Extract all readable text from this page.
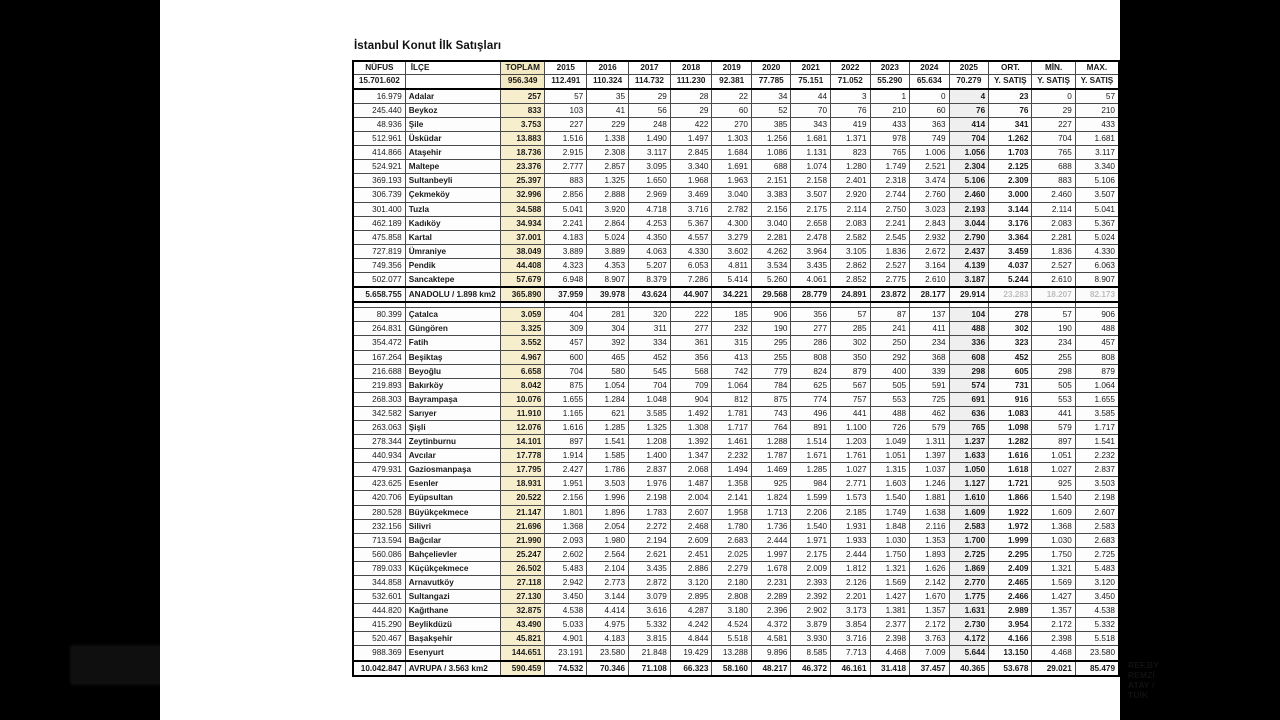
İstanbul Konut İlk Satışları
NÜFUS	İLÇE	TOPLAM	2015	2016	2017	2018	2019	2020	2021	2022	2023	2024	2025	ORT.	MİN.	MAX.
15.701.602		956.349	112.491	110.324	114.732	111.230	92.381	77.785	75.151	71.052	55.290	65.634	70.279	Y. SATIŞ	Y. SATIŞ	Y. SATIŞ
16.979	Adalar	257	57	35	29	28	22	34	44	3	1	0	4	23	0	57
245.440	Beykoz	833	103	41	56	29	60	52	70	76	210	60	76	76	29	210
48.936	Şile	3.753	227	229	248	422	270	385	343	419	433	363	414	341	227	433
512.961	Üsküdar	13.883	1.516	1.338	1.490	1.497	1.303	1.256	1.681	1.371	978	749	704	1.262	704	1.681
414.866	Ataşehir	18.736	2.915	2.308	3.117	2.845	1.684	1.086	1.131	823	765	1.006	1.056	1.703	765	3.117
524.921	Maltepe	23.376	2.777	2.857	3.095	3.340	1.691	688	1.074	1.280	1.749	2.521	2.304	2.125	688	3.340
369.193	Sultanbeyli	25.397	883	1.325	1.650	1.968	1.963	2.151	2.158	2.401	2.318	3.474	5.106	2.309	883	5.106
306.739	Çekmeköy	32.996	2.856	2.888	2.969	3.469	3.040	3.383	3.507	2.920	2.744	2.760	2.460	3.000	2.460	3.507
301.400	Tuzla	34.588	5.041	3.920	4.718	3.716	2.782	2.156	2.175	2.114	2.750	3.023	2.193	3.144	2.114	5.041
462.189	Kadıköy	34.934	2.241	2.864	4.253	5.367	4.300	3.040	2.658	2.083	2.241	2.843	3.044	3.176	2.083	5.367
475.858	Kartal	37.001	4.183	5.024	4.350	4.557	3.279	2.281	2.478	2.582	2.545	2.932	2.790	3.364	2.281	5.024
727.819	Ümraniye	38.049	3.889	3.889	4.063	4.330	3.602	4.262	3.964	3.105	1.836	2.672	2.437	3.459	1.836	4.330
749.356	Pendik	44.408	4.323	4.353	5.207	6.053	4.811	3.534	3.435	2.862	2.527	3.164	4.139	4.037	2.527	6.063
502.077	Sancaktepe	57.679	6.948	8.907	8.379	7.286	5.414	5.260	4.061	2.852	2.775	2.610	3.187	5.244	2.610	8.907
5.658.755	ANADOLU / 1.898 km2	365.890	37.959	39.978	43.624	44.907	34.221	29.568	28.779	24.891	23.872	28.177	29.914	23.283	18.207	82.173

80.399	Çatalca	3.059	404	281	320	222	185	906	356	57	87	137	104	278	57	906
264.831	Güngören	3.325	309	304	311	277	232	190	277	285	241	411	488	302	190	488
354.472	Fatih	3.552	457	392	334	361	315	295	286	302	250	234	336	323	234	457
167.264	Beşiktaş	4.967	600	465	452	356	413	255	808	350	292	368	608	452	255	808
216.688	Beyoğlu	6.658	704	580	545	568	742	779	824	879	400	339	298	605	298	879
219.893	Bakırköy	8.042	875	1.054	704	709	1.064	784	625	567	505	591	574	731	505	1.064
268.303	Bayrampaşa	10.076	1.655	1.284	1.048	904	812	875	774	757	553	725	691	916	553	1.655
342.582	Sarıyer	11.910	1.165	621	3.585	1.492	1.781	743	496	441	488	462	636	1.083	441	3.585
263.063	Şişli	12.076	1.616	1.285	1.325	1.308	1.717	764	891	1.100	726	579	765	1.098	579	1.717
278.344	Zeytinburnu	14.101	897	1.541	1.208	1.392	1.461	1.288	1.514	1.203	1.049	1.311	1.237	1.282	897	1.541
440.934	Avcılar	17.778	1.914	1.585	1.400	1.347	2.232	1.787	1.671	1.761	1.051	1.397	1.633	1.616	1.051	2.232
479.931	Gaziosmanpaşa	17.795	2.427	1.786	2.837	2.068	1.494	1.469	1.285	1.027	1.315	1.037	1.050	1.618	1.027	2.837
423.625	Esenler	18.931	1.951	3.503	1.976	1.487	1.358	925	984	2.771	1.603	1.246	1.127	1.721	925	3.503
420.706	Eyüpsultan	20.522	2.156	1.996	2.198	2.004	2.141	1.824	1.599	1.573	1.540	1.881	1.610	1.866	1.540	2.198
280.528	Büyükçekmece	21.147	1.801	1.896	1.783	2.607	1.958	1.713	2.206	2.185	1.749	1.638	1.609	1.922	1.609	2.607
232.156	Silivri	21.696	1.368	2.054	2.272	2.468	1.780	1.736	1.540	1.931	1.848	2.116	2.583	1.972	1.368	2.583
713.594	Bağcılar	21.990	2.093	1.980	2.194	2.609	2.683	2.444	1.971	1.933	1.030	1.353	1.700	1.999	1.030	2.683
560.086	Bahçelievler	25.247	2.602	2.564	2.621	2.451	2.025	1.997	2.175	2.444	1.750	1.893	2.725	2.295	1.750	2.725
789.033	Küçükçekmece	26.502	5.483	2.104	3.435	2.886	2.279	1.678	2.009	1.812	1.321	1.626	1.869	2.409	1.321	5.483
344.858	Arnavutköy	27.118	2.942	2.773	2.872	3.120	2.180	2.231	2.393	2.126	1.569	2.142	2.770	2.465	1.569	3.120
532.601	Sultangazi	27.130	3.450	3.144	3.079	2.895	2.808	2.289	2.392	2.201	1.427	1.670	1.775	2.466	1.427	3.450
444.820	Kağıthane	32.875	4.538	4.414	3.616	4.287	3.180	2.396	2.902	3.173	1.381	1.357	1.631	2.989	1.357	4.538
415.290	Beylikdüzü	43.490	5.033	4.975	5.332	4.242	4.524	4.372	3.879	3.854	2.377	2.172	2.730	3.954	2.172	5.332
520.467	Başakşehir	45.821	4.901	4.183	3.815	4.844	5.518	4.581	3.930	3.716	2.398	3.763	4.172	4.166	2.398	5.518
988.369	Esenyurt	144.651	23.191	23.580	21.848	19.429	13.288	9.896	8.585	7.713	4.468	7.009	5.644	13.150	4.468	23.580
10.042.847	AVRUPA / 3.563 km2	590.459	74.532	70.346	71.108	66.323	58.160	48.217	46.372	46.161	31.418	37.457	40.365	53.678	29.021	85.479 REF.BY REMZİ ATAY / TÜİK
